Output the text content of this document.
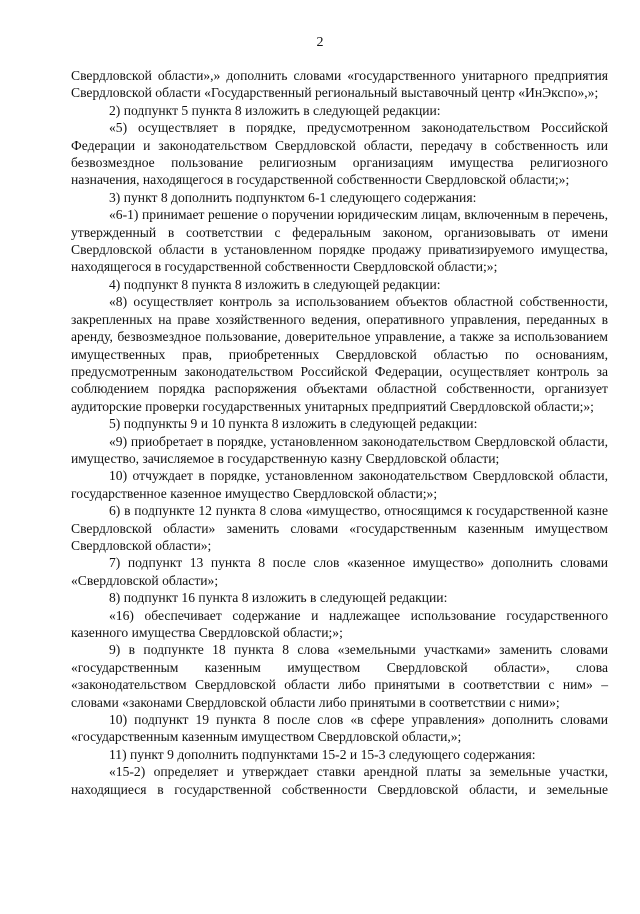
2

Свердловской области»,» дополнить словами «государственного унитарного предприятия Свердловской области «Государственный региональный выставочный центр «ИнЭкспо»,»;

2) подпункт 5 пункта 8 изложить в следующей редакции:

«5) осуществляет в порядке, предусмотренном законодательством Российской Федерации и законодательством Свердловской области, передачу в собственность или безвозмездное пользование религиозным организациям имущества религиозного назначения, находящегося в государственной собственности Свердловской области;»;

3) пункт 8 дополнить подпунктом 6-1 следующего содержания:

«6-1) принимает решение о поручении юридическим лицам, включенным в перечень, утвержденный в соответствии с федеральным законом, организовывать от имени Свердловской области в установленном порядке продажу приватизируемого имущества, находящегося в государственной собственности Свердловской области;»;

4) подпункт 8 пункта 8 изложить в следующей редакции:

«8) осуществляет контроль за использованием объектов областной собственности, закрепленных на праве хозяйственного ведения, оперативного управления, переданных в аренду, безвозмездное пользование, доверительное управление, а также за использованием имущественных прав, приобретенных Свердловской областью по основаниям, предусмотренным законодательством Российской Федерации, осуществляет контроль за соблюдением порядка распоряжения объектами областной собственности, организует аудиторские проверки государственных унитарных предприятий Свердловской области;»;

5) подпункты 9 и 10 пункта 8 изложить в следующей редакции:

«9) приобретает в порядке, установленном законодательством Свердловской области, имущество, зачисляемое в государственную казну Свердловской области;

10) отчуждает в порядке, установленном законодательством Свердловской области, государственное казенное имущество Свердловской области;»;

6) в подпункте 12 пункта 8 слова «имущество, относящимся к государственной казне Свердловской области» заменить словами «государственным казенным имуществом Свердловской области»;

7) подпункт 13 пункта 8 после слов «казенное имущество» дополнить словами «Свердловской области»;

8) подпункт 16 пункта 8 изложить в следующей редакции:

«16) обеспечивает содержание и надлежащее использование государственного казенного имущества Свердловской области;»;

9) в подпункте 18 пункта 8 слова «земельными участками» заменить словами «государственным казенным имуществом Свердловской области», слова «законодательством Свердловской области либо принятыми в соответствии с ним» – словами «законами Свердловской области либо принятыми в соответствии с ними»;

10) подпункт 19 пункта 8 после слов «в сфере управления» дополнить словами «государственным казенным имуществом Свердловской области,»;

11) пункт 9 дополнить подпунктами 15-2 и 15-3 следующего содержания:

«15-2) определяет и утверждает ставки арендной платы за земельные участки, находящиеся в государственной собственности Свердловской области, и земельные
